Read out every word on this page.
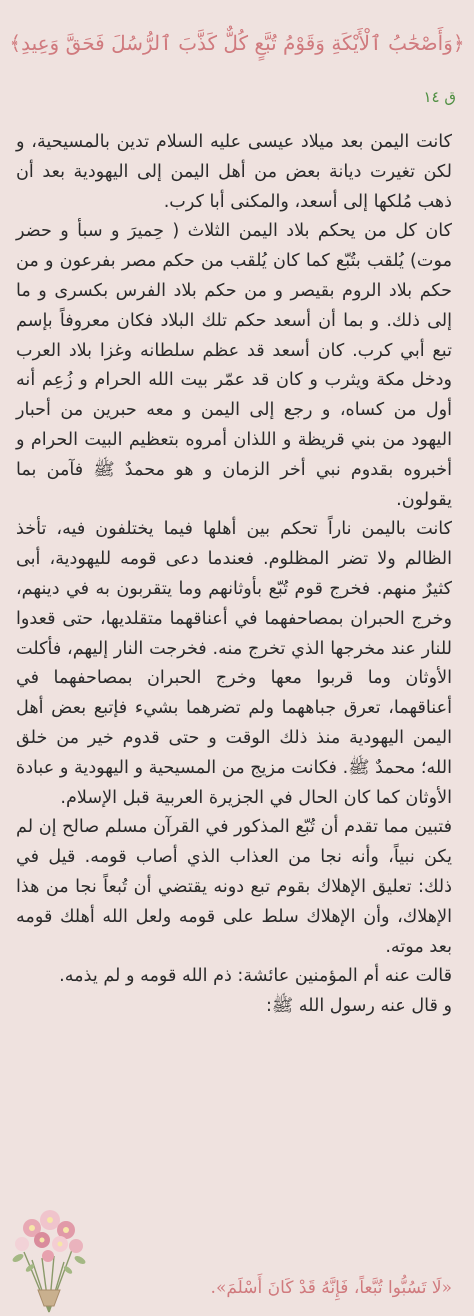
﴿وَأَصْحَٰبُ ٱلْأَيْكَةِ وَقَوْمُ تُبَّعٍ كُلٌّ كَذَّبَ ٱلرُّسُلَ فَحَقَّ وَعِيدِ﴾
ق ١٤

كانت اليمن بعد ميلاد عيسى عليه السلام تدين بالمسيحية، و لكن تغيرت ديانة بعض من أهل اليمن إلى اليهودية بعد أن ذهب مُلكها إلى أسعد، والمكنى أبا كرب.

كان كل من يحكم بلاد اليمن الثلاث ( حِميرَ و سبأ و حضر موت) يُلقب بتُبّع كما كان يُلقب من حكم مصر بفرعون و من حكم بلاد الروم بقيصر و من حكم بلاد الفرس بكسرى و ما إلى ذلك. و بما أن أسعد حكم تلك البلاد فكان معروفاً بإسم تبع أبي كرب. كان أسعد قد عظم سلطانه وغزا بلاد العرب ودخل مكة ويثرب و كان قد عمّر بيت الله الحرام و زُعِم أنه أول من كساه، و رجع إلى اليمن و معه حبرين من أحبار اليهود من بني قريظة و اللذان أمروه بتعظيم البيت الحرام و أخبروه بقدوم نبي أخر الزمان و هو محمدٌ ﷺ فآمن بما يقولون.

كانت باليمن ناراً تحكم بين أهلها فيما يختلفون فيه، تأخذ الظالم ولا تضر المظلوم. فعندما دعى قومه لليهودية، أبى كثيرٌ منهم. فخرج قوم تُبّع بأوثانهم وما يتقربون به في دينهم، وخرج الحبران بمصاحفهما في أعناقهما متقلديها، حتى قعدوا للنار عند مخرجها الذي تخرج منه. فخرجت النار إليهم، فأكلت الأوثان وما قربوا معها وخرج الحبران بمصاحفهما في أعناقهما، تعرق جباههما ولم تضرهما بشيء فإتبع بعض أهل اليمن اليهودية منذ ذلك الوقت و حتى قدوم خير من خلق الله؛ محمدٌ ﷺ. فكانت مزيج من المسيحية و اليهودية و عبادة الأوثان كما كان الحال في الجزيرة العربية قبل الإسلام.

فتبين مما تقدم أن تُبّع المذكور في القرآن مسلم صالح إن لم يكن نبياً، وأنه نجا من العذاب الذي أصاب قومه. قيل في ذلك: تعليق الإهلاك بقوم تبع دونه يقتضي أن تُبعاً نجا من هذا الإهلاك، وأن الإهلاك سلط على قومه ولعل الله أهلك قومه بعد موته.

قالت عنه أم المؤمنين عائشة: ذم الله قومه و لم يذمه.

و قال عنه رسول الله ﷺ:

«لَا تَسُبُّوا تُبَّعاً، فَإِنَّهُ قَدْ كَانَ أَسْلَمَ».
